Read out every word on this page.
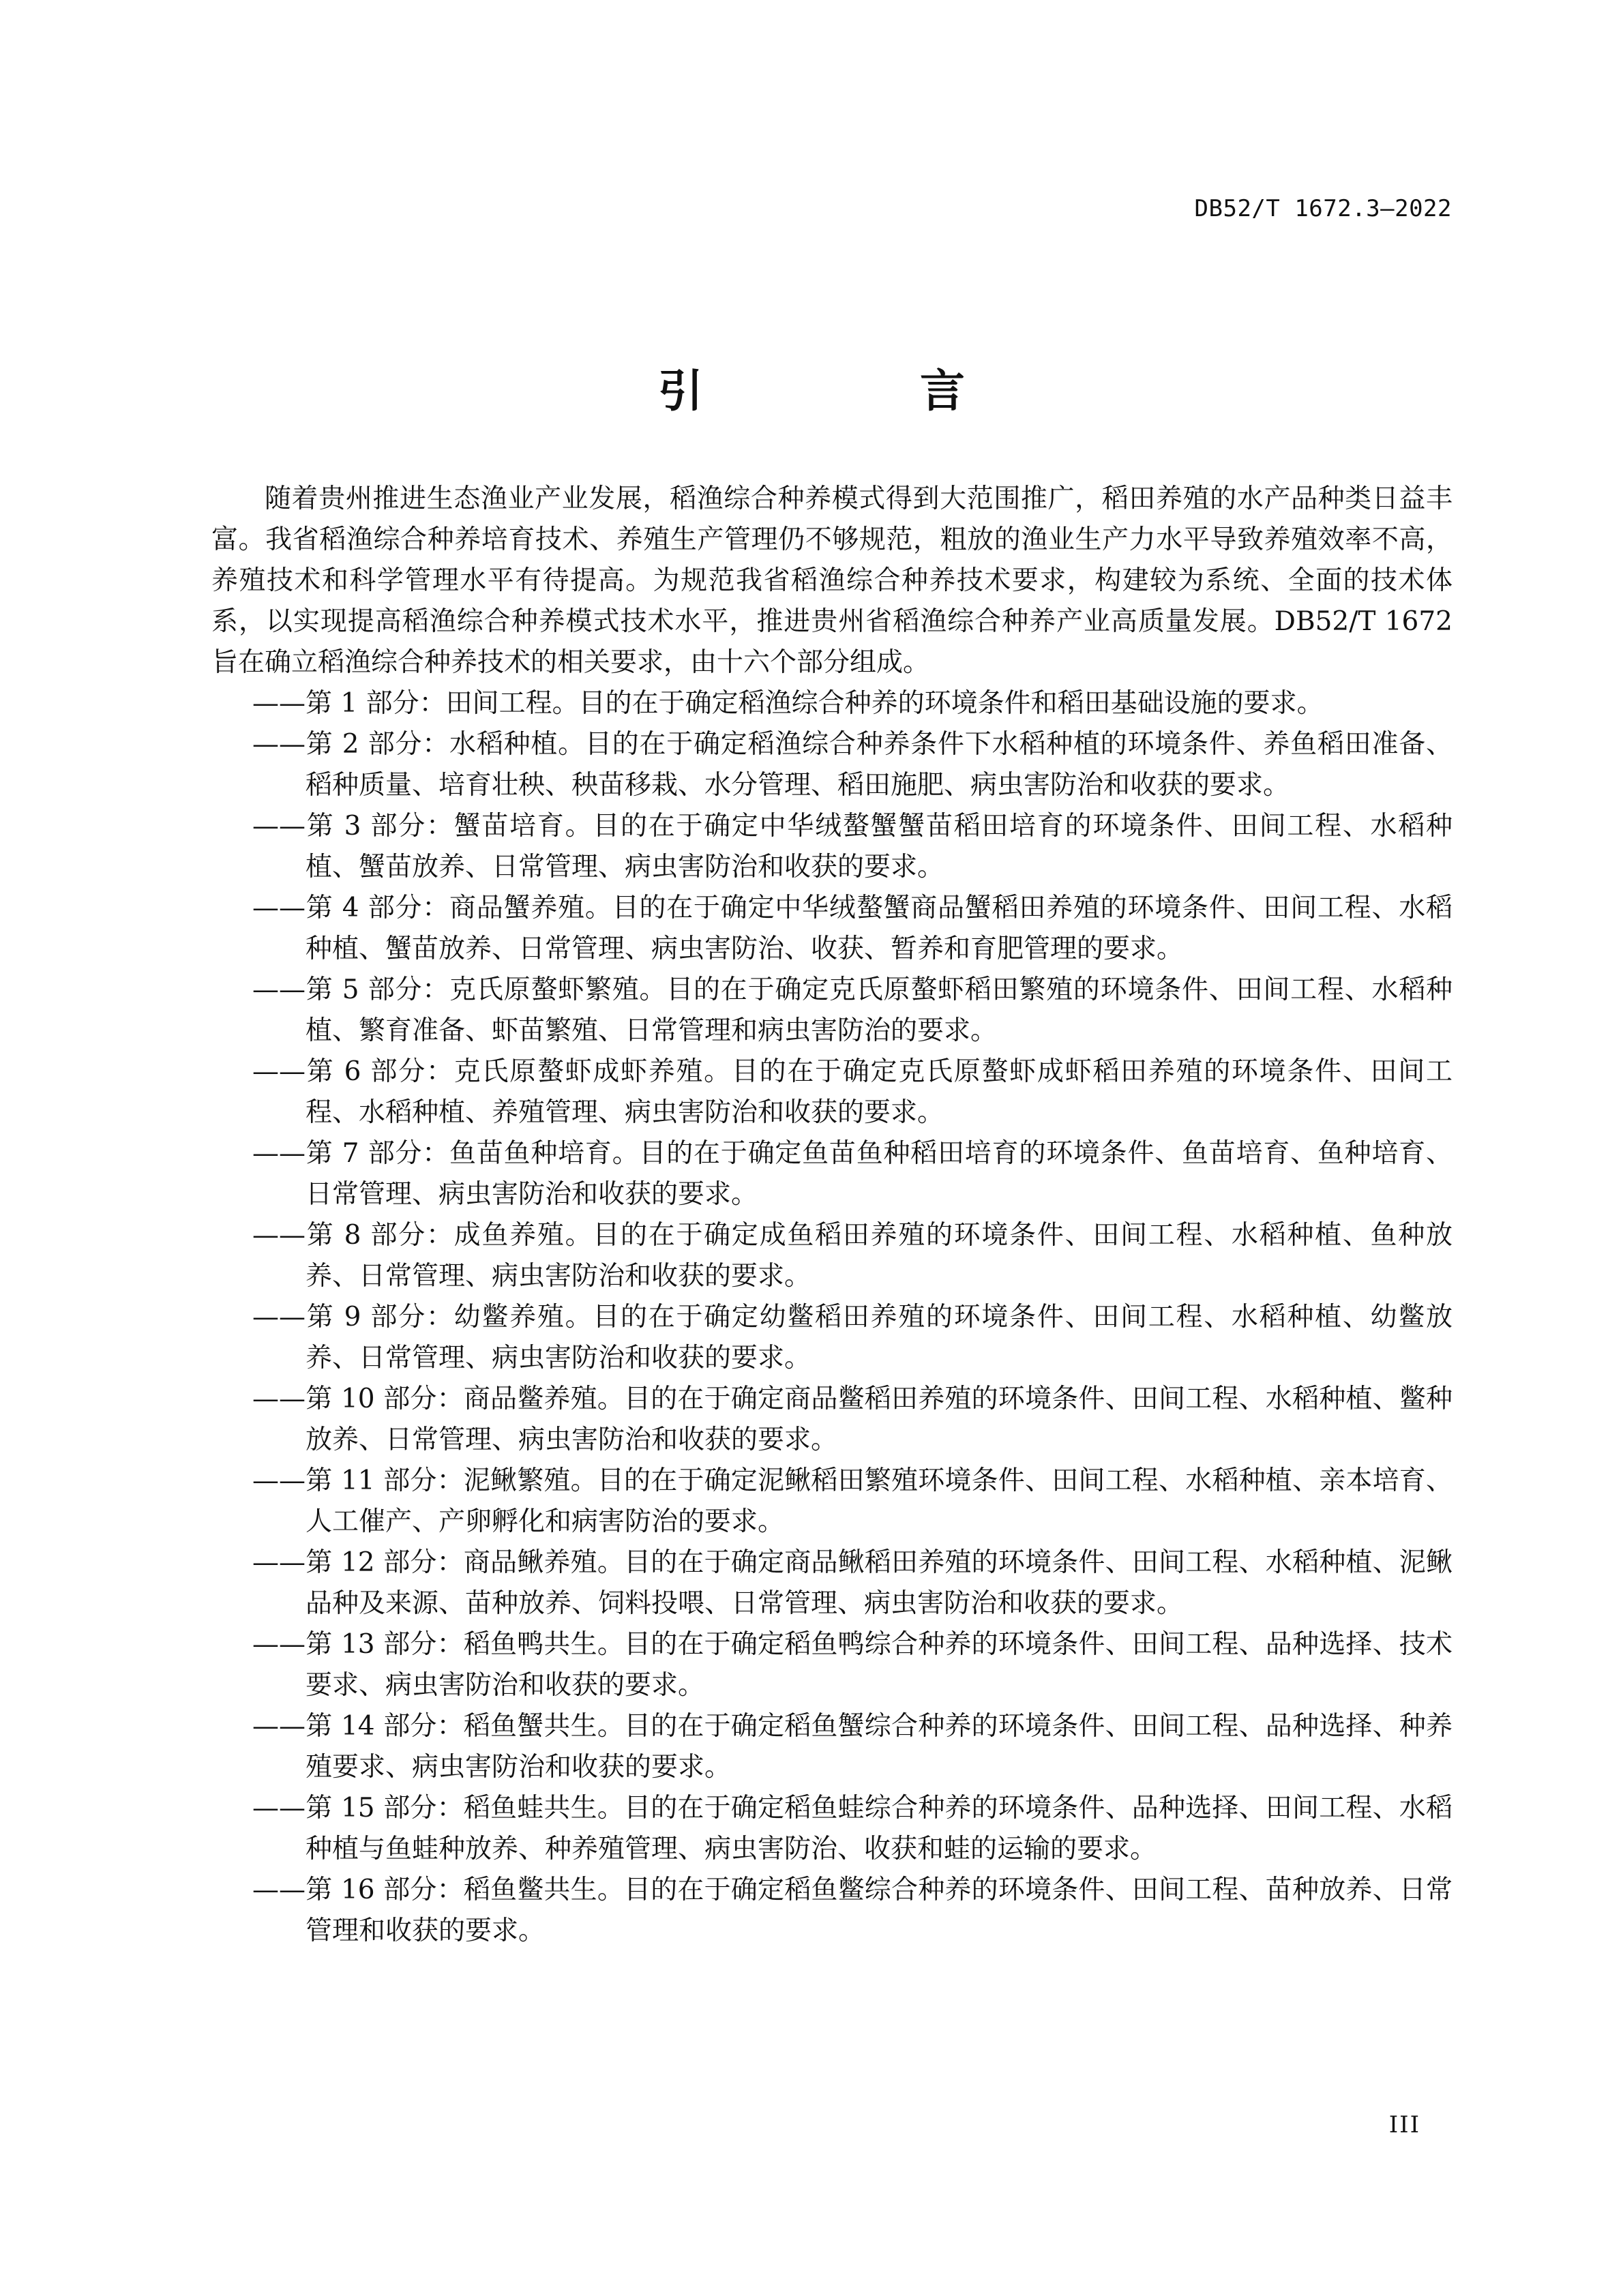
DB52/T 1672.3—2022
引　言

随着贵州推进生态渔业产业发展，稻渔综合种养模式得到大范围推广，稻田养殖的水产品种类日益丰富。我省稻渔综合种养培育技术、养殖生产管理仍不够规范，粗放的渔业生产力水平导致养殖效率不高，养殖技术和科学管理水平有待提高。为规范我省稻渔综合种养技术要求，构建较为系统、全面的技术体系，以实现提高稻渔综合种养模式技术水平，推进贵州省稻渔综合种养产业高质量发展。DB52/T 1672旨在确立稻渔综合种养技术的相关要求，由十六个部分组成。

——第 1 部分：田间工程。目的在于确定稻渔综合种养的环境条件和稻田基础设施的要求。
——第 2 部分：水稻种植。目的在于确定稻渔综合种养条件下水稻种植的环境条件、养鱼稻田准备、稻种质量、培育壮秧、秧苗移栽、水分管理、稻田施肥、病虫害防治和收获的要求。
——第 3 部分：蟹苗培育。目的在于确定中华绒螯蟹蟹苗稻田培育的环境条件、田间工程、水稻种植、蟹苗放养、日常管理、病虫害防治和收获的要求。
——第 4 部分：商品蟹养殖。目的在于确定中华绒螯蟹商品蟹稻田养殖的环境条件、田间工程、水稻种植、蟹苗放养、日常管理、病虫害防治、收获、暂养和育肥管理的要求。
——第 5 部分：克氏原螯虾繁殖。目的在于确定克氏原螯虾稻田繁殖的环境条件、田间工程、水稻种植、繁育准备、虾苗繁殖、日常管理和病虫害防治的要求。
——第 6 部分：克氏原螯虾成虾养殖。目的在于确定克氏原螯虾成虾稻田养殖的环境条件、田间工程、水稻种植、养殖管理、病虫害防治和收获的要求。
——第 7 部分：鱼苗鱼种培育。目的在于确定鱼苗鱼种稻田培育的环境条件、鱼苗培育、鱼种培育、日常管理、病虫害防治和收获的要求。
——第 8 部分：成鱼养殖。目的在于确定成鱼稻田养殖的环境条件、田间工程、水稻种植、鱼种放养、日常管理、病虫害防治和收获的要求。
——第 9 部分：幼鳖养殖。目的在于确定幼鳖稻田养殖的环境条件、田间工程、水稻种植、幼鳖放养、日常管理、病虫害防治和收获的要求。
——第 10 部分：商品鳖养殖。目的在于确定商品鳖稻田养殖的环境条件、田间工程、水稻种植、鳖种放养、日常管理、病虫害防治和收获的要求。
——第 11 部分：泥鳅繁殖。目的在于确定泥鳅稻田繁殖环境条件、田间工程、水稻种植、亲本培育、人工催产、产卵孵化和病害防治的要求。
——第 12 部分：商品鳅养殖。目的在于确定商品鳅稻田养殖的环境条件、田间工程、水稻种植、泥鳅品种及来源、苗种放养、饲料投喂、日常管理、病虫害防治和收获的要求。
——第 13 部分：稻鱼鸭共生。目的在于确定稻鱼鸭综合种养的环境条件、田间工程、品种选择、技术要求、病虫害防治和收获的要求。
——第 14 部分：稻鱼蟹共生。目的在于确定稻鱼蟹综合种养的环境条件、田间工程、品种选择、种养殖要求、病虫害防治和收获的要求。
——第 15 部分：稻鱼蛙共生。目的在于确定稻鱼蛙综合种养的环境条件、品种选择、田间工程、水稻种植与鱼蛙种放养、种养殖管理、病虫害防治、收获和蛙的运输的要求。
——第 16 部分：稻鱼鳖共生。目的在于确定稻鱼鳖综合种养的环境条件、田间工程、苗种放养、日常管理和收获的要求。
III
